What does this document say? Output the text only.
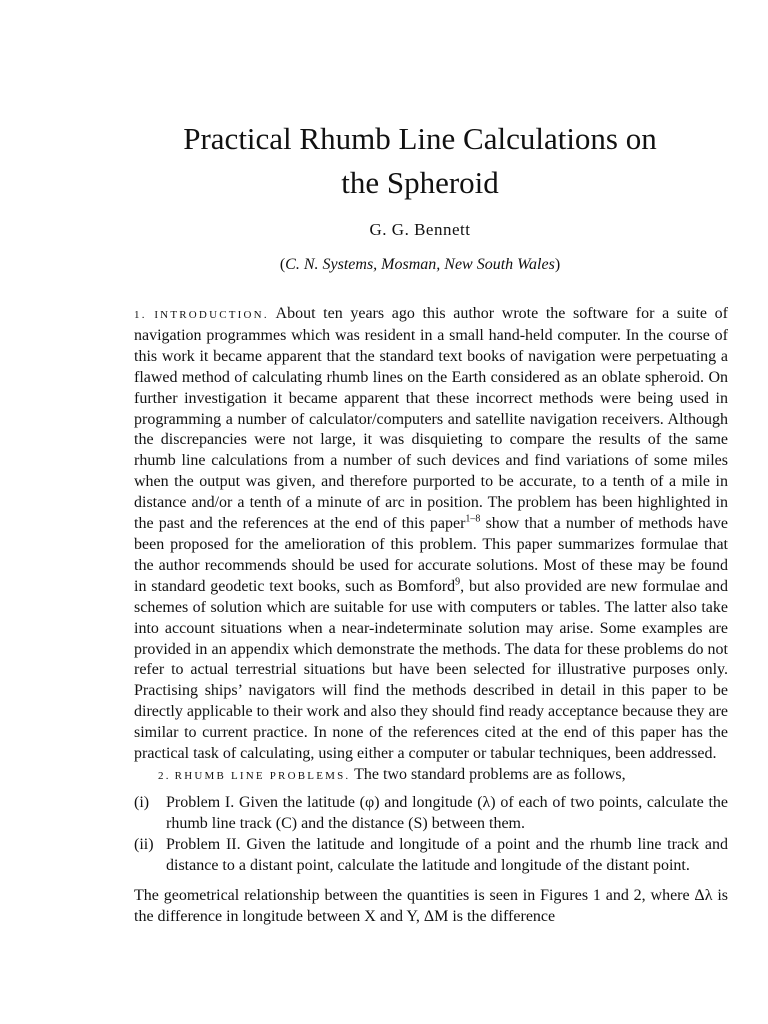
Practical Rhumb Line Calculations on
the Spheroid
G. G. Bennett
(C. N. Systems, Mosman, New South Wales)

1. INTRODUCTION. About ten years ago this author wrote the software for a suite of navigation programmes which was resident in a small hand-held computer. In the course of this work it became apparent that the standard text books of navigation were perpetuating a flawed method of calculating rhumb lines on the Earth considered as an oblate spheroid. On further investigation it became apparent that these incorrect methods were being used in programming a number of calculator/computers and satellite navigation receivers. Although the discrepancies were not large, it was disquieting to compare the results of the same rhumb line calculations from a number of such devices and find variations of some miles when the output was given, and therefore purported to be accurate, to a tenth of a mile in distance and/or a tenth of a minute of arc in position. The problem has been highlighted in the past and the references at the end of this paper$^{1-8}$ show that a number of methods have been proposed for the amelioration of this problem. This paper summarizes formulae that the author recommends should be used for accurate solutions. Most of these may be found in standard geodetic text books, such as Bomford$^9$, but also provided are new formulae and schemes of solution which are suitable for use with computers or tables. The latter also take into account situations when a near-indeterminate solution may arise. Some examples are provided in an appendix which demonstrate the methods. The data for these problems do not refer to actual terrestrial situations but have been selected for illustrative purposes only. Practising ships’ navigators will find the methods described in detail in this paper to be directly applicable to their work and also they should find ready acceptance because they are similar to current practice. In none of the references cited at the end of this paper has the practical task of calculating, using either a computer or tabular techniques, been addressed.

2. RHUMB LINE PROBLEMS. The two standard problems are as follows,

(i) Problem I. Given the latitude (φ) and longitude (λ) of each of two points, calculate the rhumb line track (C) and the distance (S) between them.
(ii) Problem II. Given the latitude and longitude of a point and the rhumb line track and distance to a distant point, calculate the latitude and longitude of the distant point.

The geometrical relationship between the quantities is seen in Figures 1 and 2, where Δλ is the difference in longitude between X and Y, ΔM is the difference
